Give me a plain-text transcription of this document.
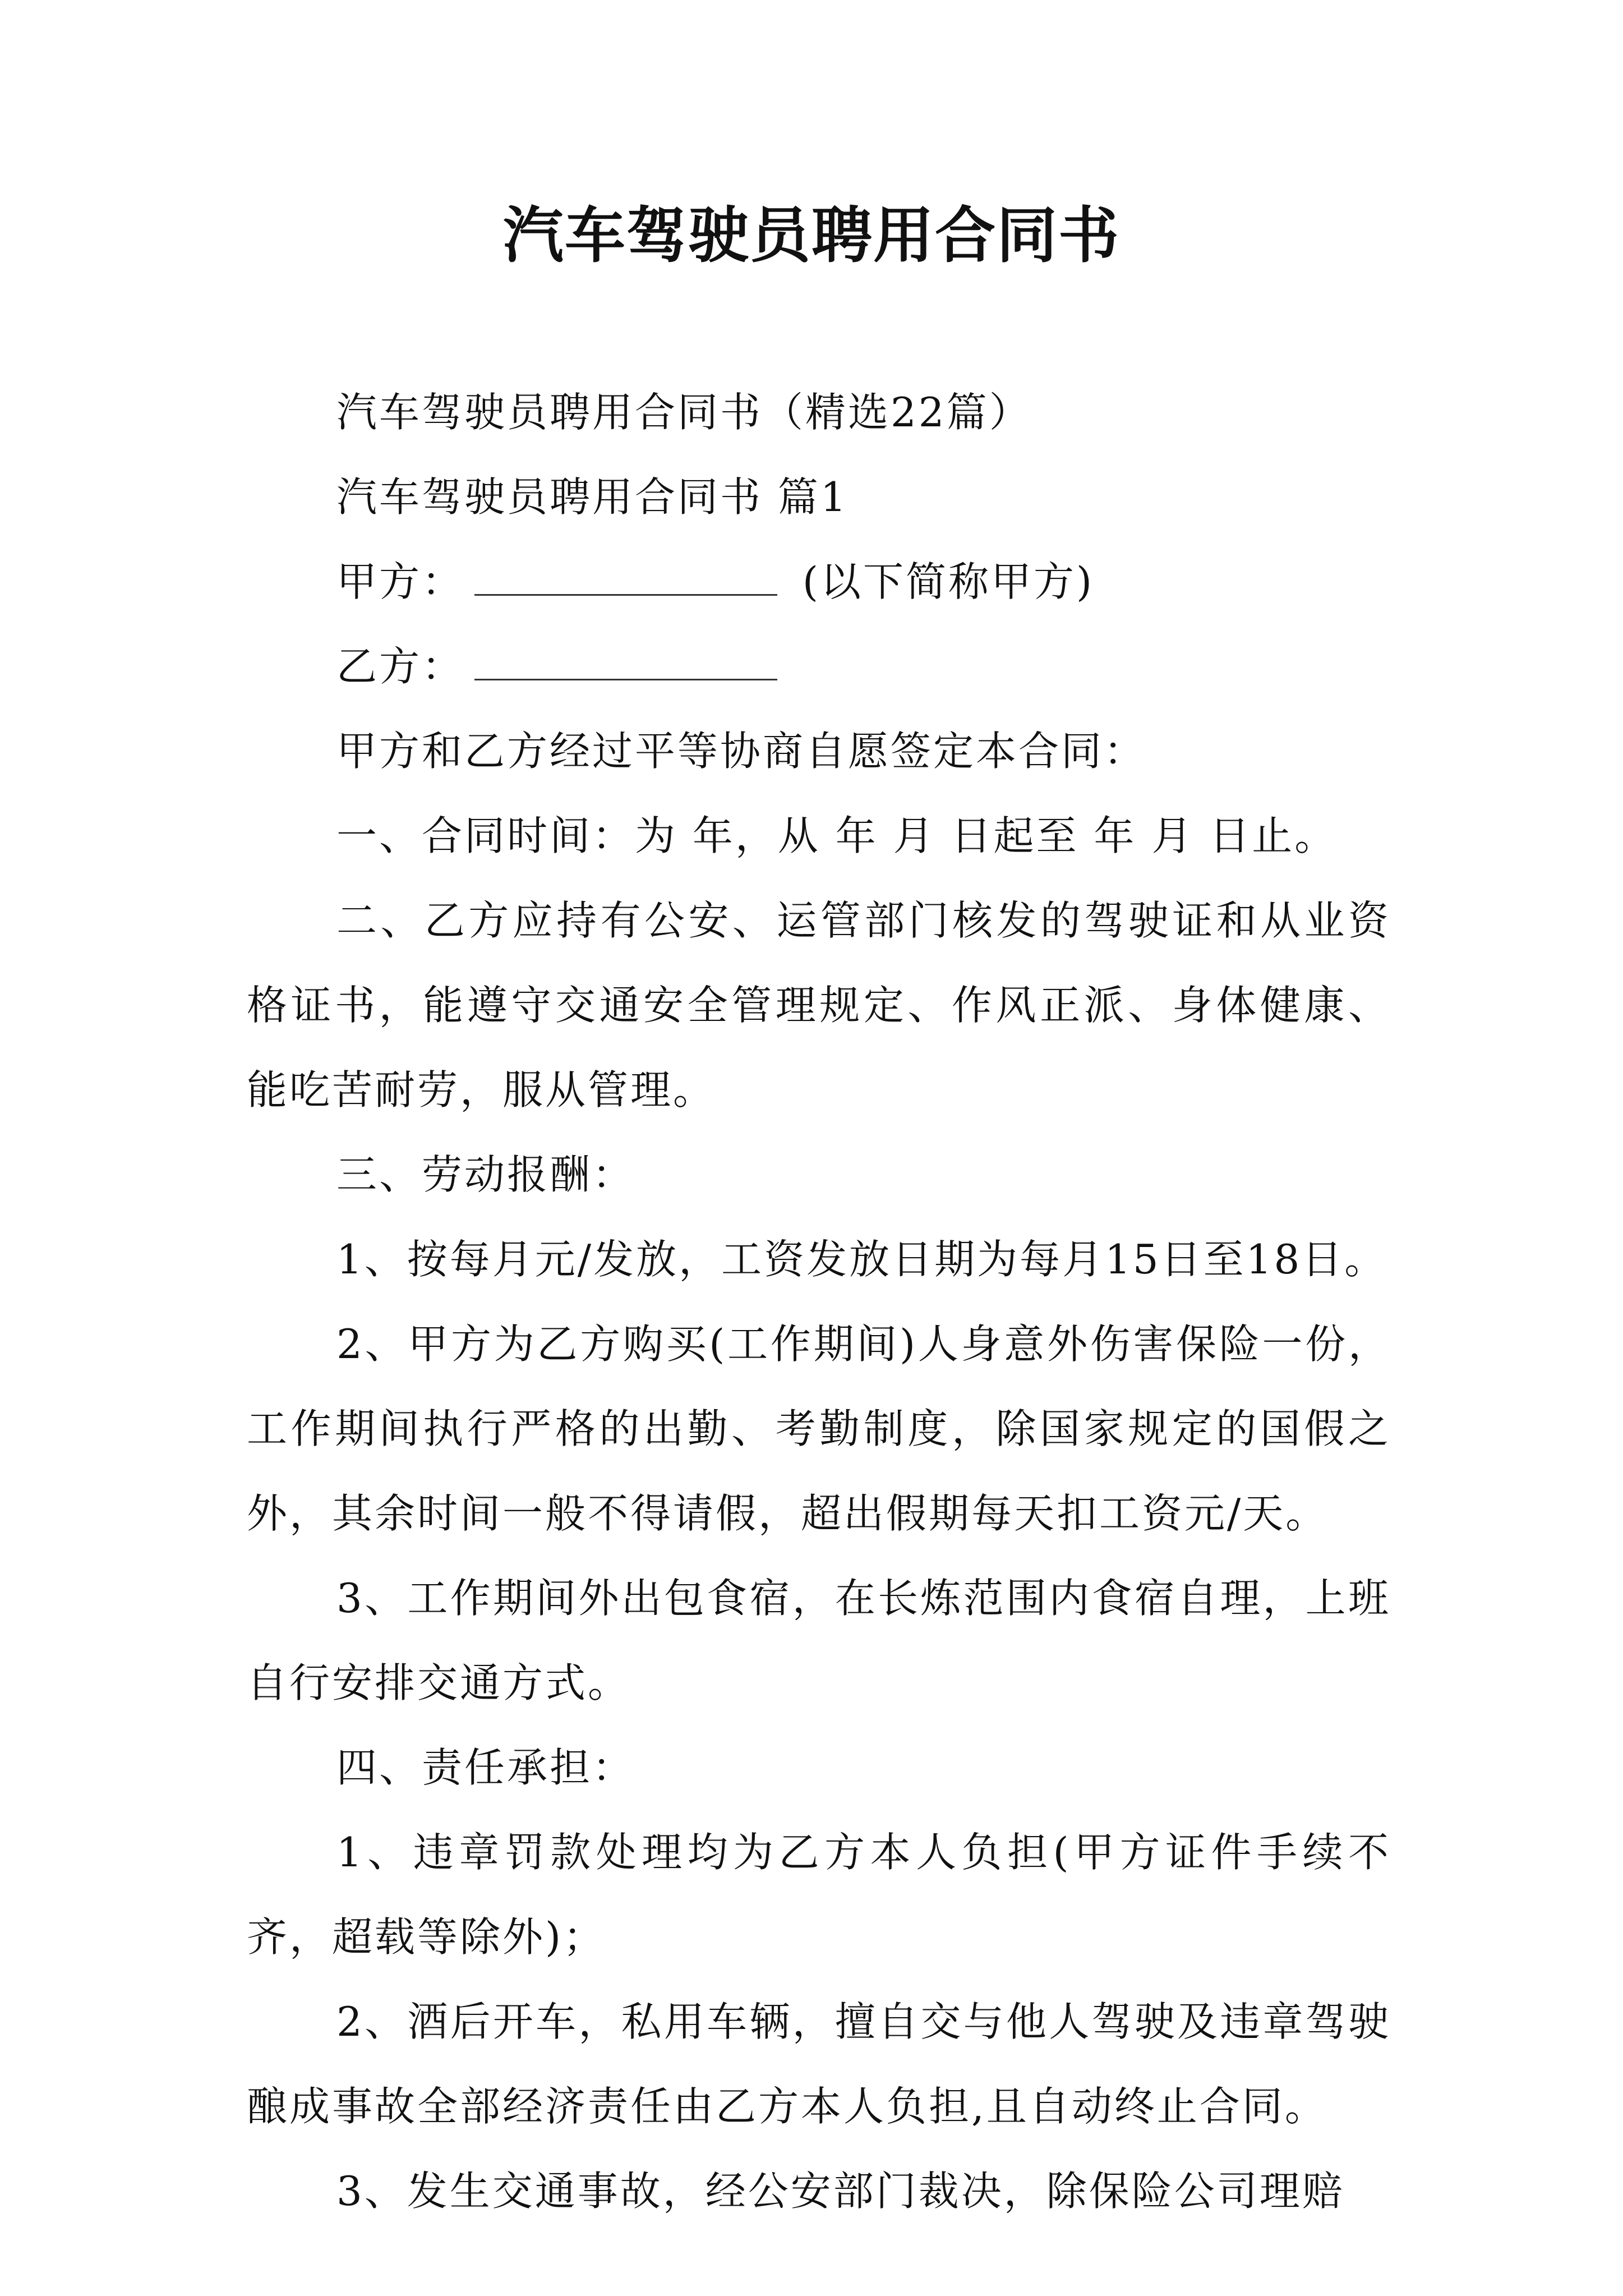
汽车驾驶员聘用合同书

汽车驾驶员聘用合同书（精选22篇）

汽车驾驶员聘用合同书 篇1

甲方：	(以下简称甲方)

乙方：

甲方和乙方经过平等协商自愿签定本合同：

一、合同时间：为 年，从 年 月 日起至 年 月 日止。

二、乙方应持有公安、运管部门核发的驾驶证和从业资格证书，能遵守交通安全管理规定、作风正派、身体健康、能吃苦耐劳，服从管理。

三、劳动报酬：

1、按每月元/发放，工资发放日期为每月15日至18日。

2、甲方为乙方购买(工作期间)人身意外伤害保险一份，工作期间执行严格的出勤、考勤制度，除国家规定的国假之外，其余时间一般不得请假，超出假期每天扣工资元/天。

3、工作期间外出包食宿，在长炼范围内食宿自理，上班自行安排交通方式。

四、责任承担：

1、违章罚款处理均为乙方本人负担(甲方证件手续不齐，超载等除外)；

2、酒后开车，私用车辆，擅自交与他人驾驶及违章驾驶酿成事故全部经济责任由乙方本人负担,且自动终止合同。

3、发生交通事故，经公安部门裁决，除保险公司理赔
